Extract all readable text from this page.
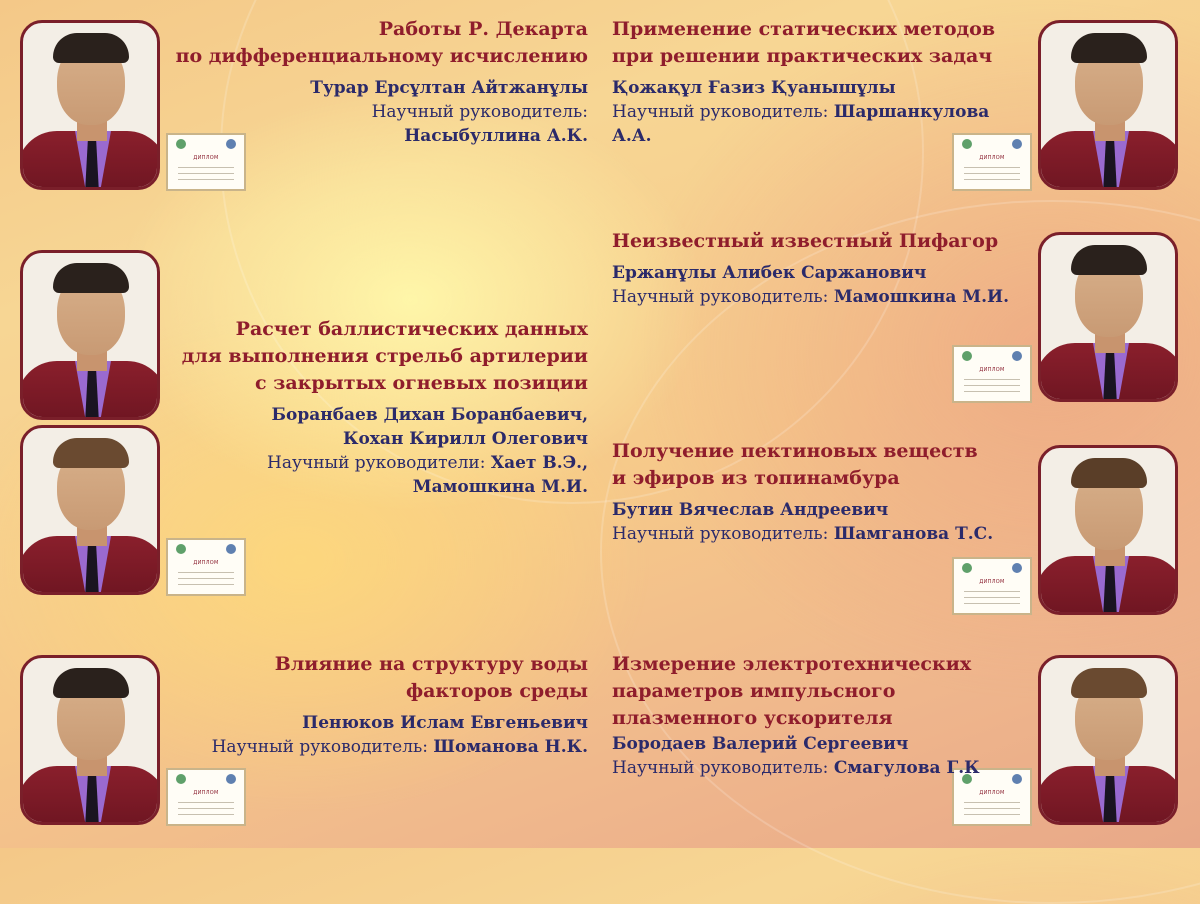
ДИПЛОМ	ДИПЛОМ
ДИПЛОМ
ДИПЛОМ
ДИПЛОМ
ДИПЛОМ	ДИПЛОМ
Работы Р. Декарта
по дифференциальному исчислению
Турар Ерсұлтан Айтжанұлы
Научный руководитель:
Насыбуллина А.К.
Применение статических методов
при решении практических задач
Қожақұл Ғазиз Қуанышұлы
Научный руководитель: Шаршанкулова А.А.
Неизвестный известный Пифагор
Ержанұлы Алибек Саржанович
Научный руководитель: Мамошкина М.И.
Расчет баллистических данных
для выполнения стрельб артилерии
с закрытых огневых позиции
Боранбаев Дихан Боранбаевич,
Кохан Кирилл Олегович
Научный руководители: Хает В.Э.,
Мамошкина М.И.
Получение пектиновых веществ
и эфиров из топинамбура
Бутин Вячеслав Андреевич
Научный руководитель: Шамганова Т.С.
Влияние на структуру воды
факторов среды
Пенюков Ислам Евгеньевич
Научный руководитель: Шоманова Н.К.
Измерение электротехнических
параметров импульсного
плазменного ускорителя
Бородаев Валерий Сергеевич
Научный руководитель: Смагулова Г.К
